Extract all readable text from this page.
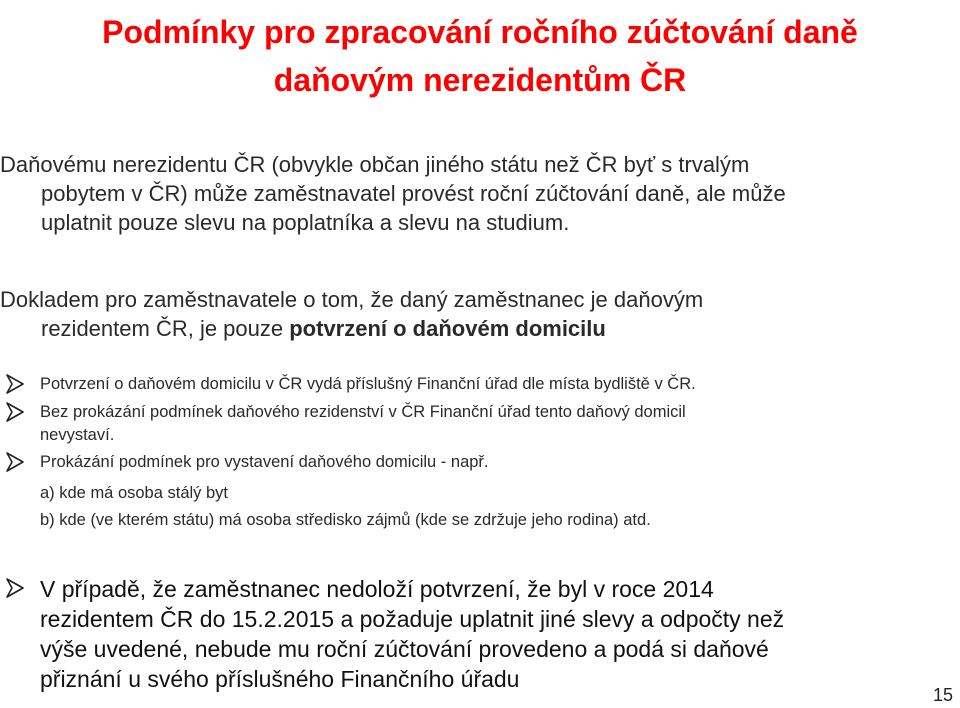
Podmínky pro zpracování ročního zúčtování daně
daňovým nerezidentům ČR
Daňovému nerezidentu ČR (obvykle občan jiného státu než ČR byť s trvalým
pobytem v ČR) může zaměstnavatel provést roční zúčtování daně, ale může
uplatnit pouze slevu na poplatníka a slevu na studium.
Dokladem pro zaměstnavatele o tom, že daný zaměstnanec je daňovým
rezidentem ČR, je pouze potvrzení o daňovém domicilu
Potvrzení o daňovém domicilu v ČR vydá příslušný Finanční úřad dle místa bydliště v ČR.
Bez prokázání podmínek daňového rezidenství v ČR Finanční úřad tento daňový domicil
nevystaví.
Prokázání podmínek pro vystavení daňového domicilu - např.
a) kde má osoba stálý byt
b) kde (ve kterém státu) má osoba středisko zájmů (kde se zdržuje jeho rodina) atd.
V případě, že zaměstnanec nedoloží potvrzení, že byl v roce 2014
rezidentem ČR do 15.2.2015 a požaduje uplatnit jiné slevy a odpočty než
výše uvedené, nebude mu roční zúčtování provedeno a podá si daňové
přiznání u svého příslušného Finančního úřadu
15
